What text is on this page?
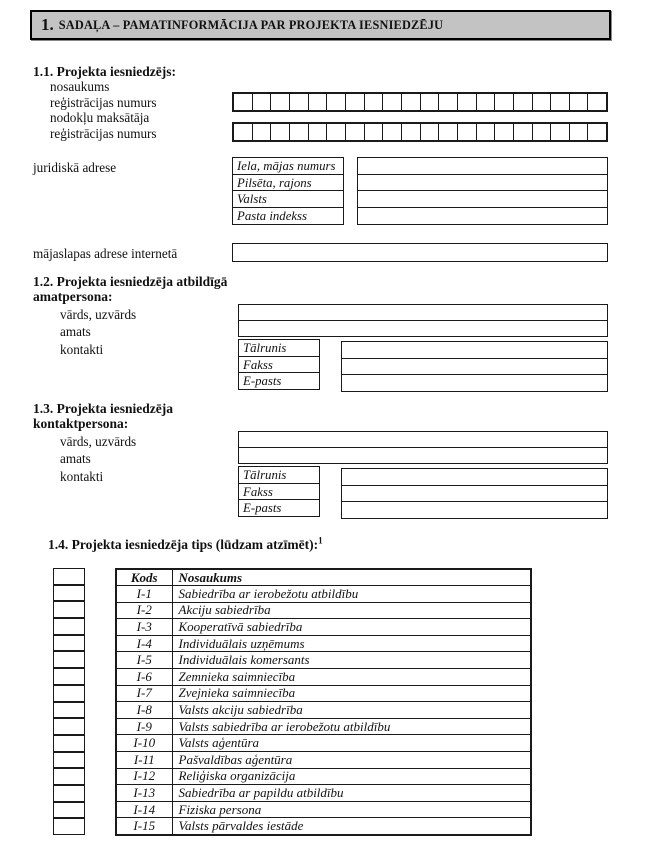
1. SADAĻA – PAMATINFORMĀCIJA PAR PROJEKTA IESNIEDZĒJU
1.1. Projekta iesniedzējs:
nosaukums
reģistrācijas numurs
nodokļu maksātāja
reģistrācijas numurs
juridiskā adrese	Iela, mājas numurs
Pilsēta, rajons
Valsts
Pasta indekss
mājaslapas adrese internetā
1.2. Projekta iesniedzēja atbildīgā amatpersona:
vārds, uzvārds
amats
kontakti	Tālrunis
Fakss
E-pasts
1.3. Projekta iesniedzēja kontaktpersona:
vārds, uzvārds
amats
kontakti	Tālrunis
Fakss
E-pasts
1.4. Projekta iesniedzēja tips (lūdzam atzīmēt):$^1$
Kods	Nosaukums
I-1	Sabiedrība ar ierobežotu atbildību
I-2	Akciju sabiedrība
I-3	Kooperatīvā sabiedrība
I-4	Individuālais uzņēmums
I-5	Individuālais komersants
I-6	Zemnieka saimniecība
I-7	Zvejnieka saimniecība
I-8	Valsts akciju sabiedrība
I-9	Valsts sabiedrība ar ierobežotu atbildību
I-10	Valsts aģentūra
I-11	Pašvaldības aģentūra
I-12	Reliģiska organizācija
I-13	Sabiedrība ar papildu atbildību
I-14	Fiziska persona
I-15	Valsts pārvaldes iestāde
